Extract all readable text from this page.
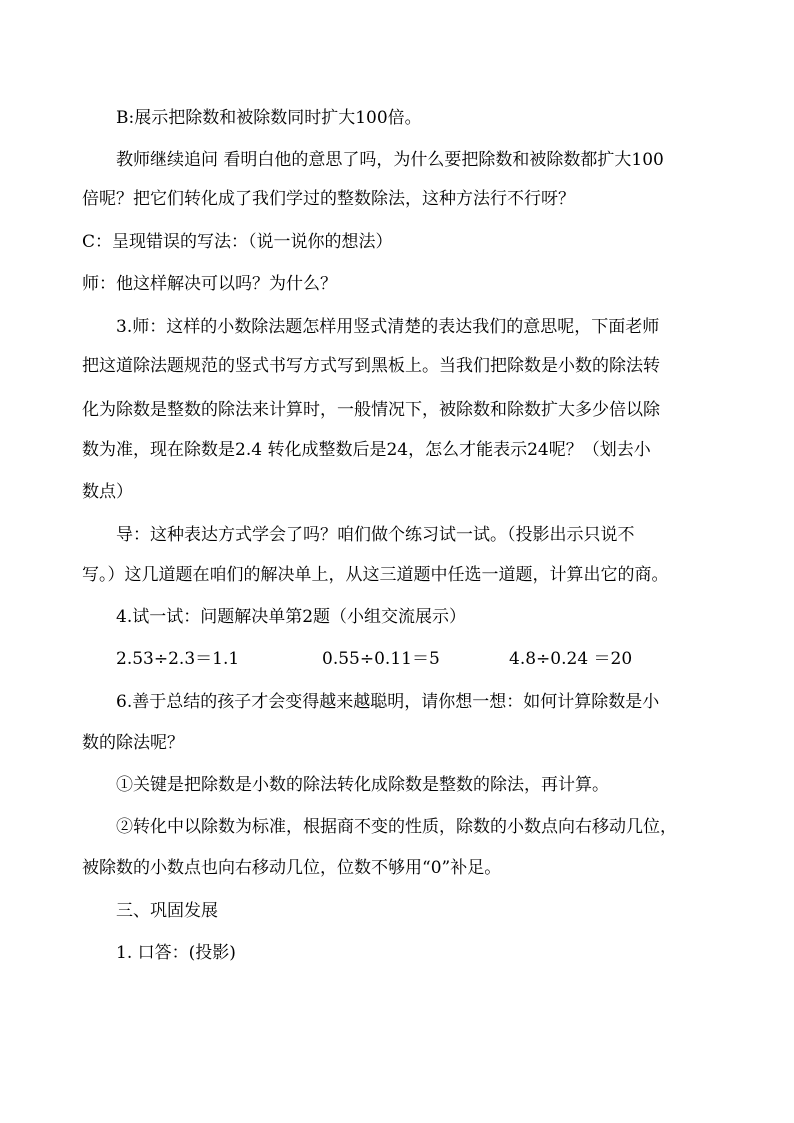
B:展示把除数和被除数同时扩大100倍。

教师继续追问 看明白他的意思了吗，为什么要把除数和被除数都扩大100

倍呢？把它们转化成了我们学过的整数除法，这种方法行不行呀？

C：呈现错误的写法：（说一说你的想法）

师：他这样解决可以吗？为什么？

3.师：这样的小数除法题怎样用竖式清楚的表达我们的意思呢，下面老师

把这道除法题规范的竖式书写方式写到黑板上。当我们把除数是小数的除法转

化为除数是整数的除法来计算时，一般情况下，被除数和除数扩大多少倍以除

数为准，现在除数是2.4 转化成整数后是24，怎么才能表示24呢？（划去小

数点）

导：这种表达方式学会了吗？咱们做个练习试一试。（投影出示只说不

写。）这几道题在咱们的解决单上，从这三道题中任选一道题，计算出它的商。

4.试一试：问题解决单第2题（小组交流展示）

2.53÷2.3＝1.1	0.55÷0.11＝5	4.8÷0.24 ＝20

6.善于总结的孩子才会变得越来越聪明，请你想一想：如何计算除数是小

数的除法呢？

①关键是把除数是小数的除法转化成除数是整数的除法，再计算。

②转化中以除数为标准，根据商不变的性质，除数的小数点向右移动几位，

被除数的小数点也向右移动几位，位数不够用“0”补足。

三、巩固发展

1. 口答：(投影)
